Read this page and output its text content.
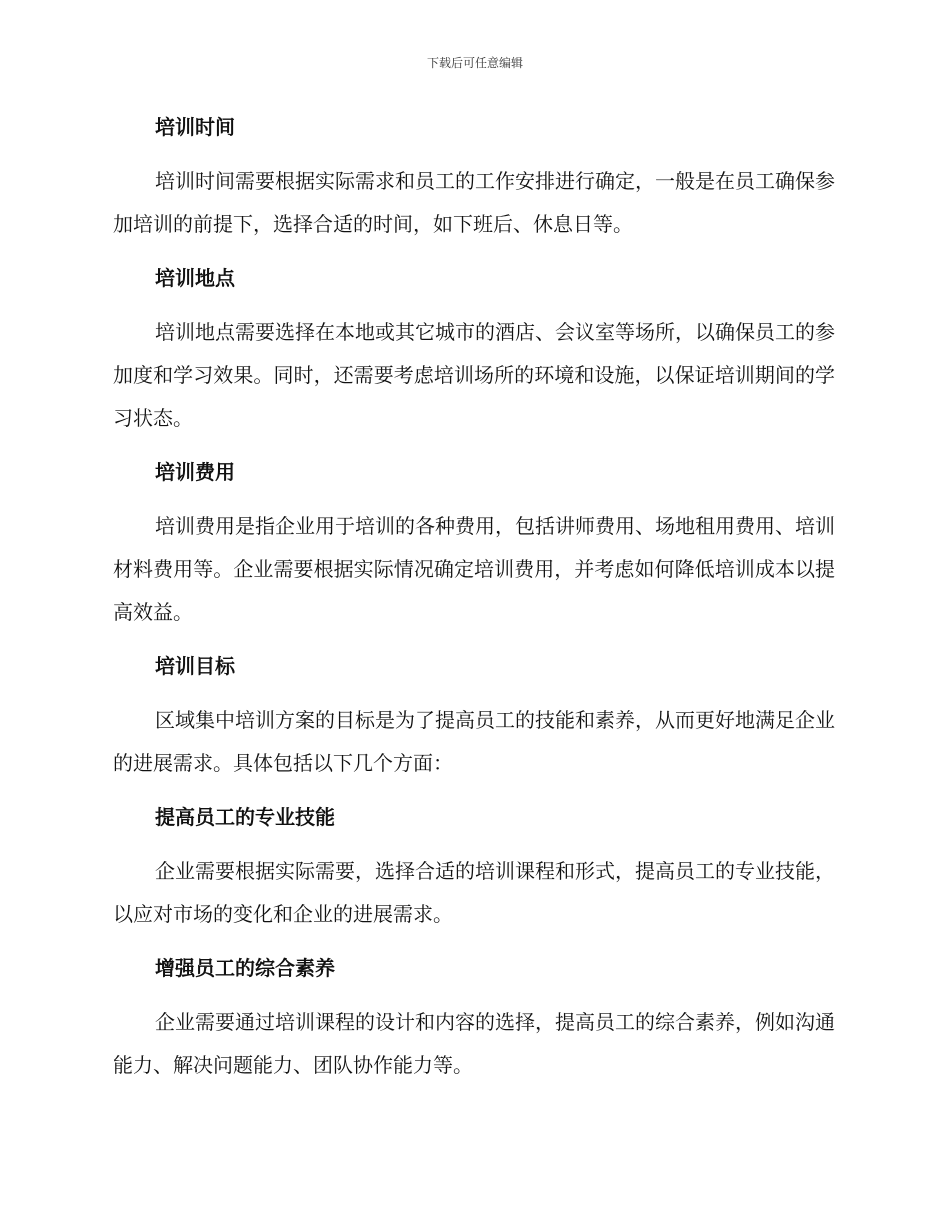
下载后可任意编辑
培训时间

培训时间需要根据实际需求和员工的工作安排进行确定，一般是在员工确保参加培训的前提下，选择合适的时间，如下班后、休息日等。

培训地点

培训地点需要选择在本地或其它城市的酒店、会议室等场所，以确保员工的参加度和学习效果。同时，还需要考虑培训场所的环境和设施，以保证培训期间的学习状态。

培训费用

培训费用是指企业用于培训的各种费用，包括讲师费用、场地租用费用、培训材料费用等。企业需要根据实际情况确定培训费用，并考虑如何降低培训成本以提高效益。

培训目标

区域集中培训方案的目标是为了提高员工的技能和素养，从而更好地满足企业的进展需求。具体包括以下几个方面：

提高员工的专业技能

企业需要根据实际需要，选择合适的培训课程和形式，提高员工的专业技能，以应对市场的变化和企业的进展需求。

增强员工的综合素养

企业需要通过培训课程的设计和内容的选择，提高员工的综合素养，例如沟通能力、解决问题能力、团队协作能力等。
